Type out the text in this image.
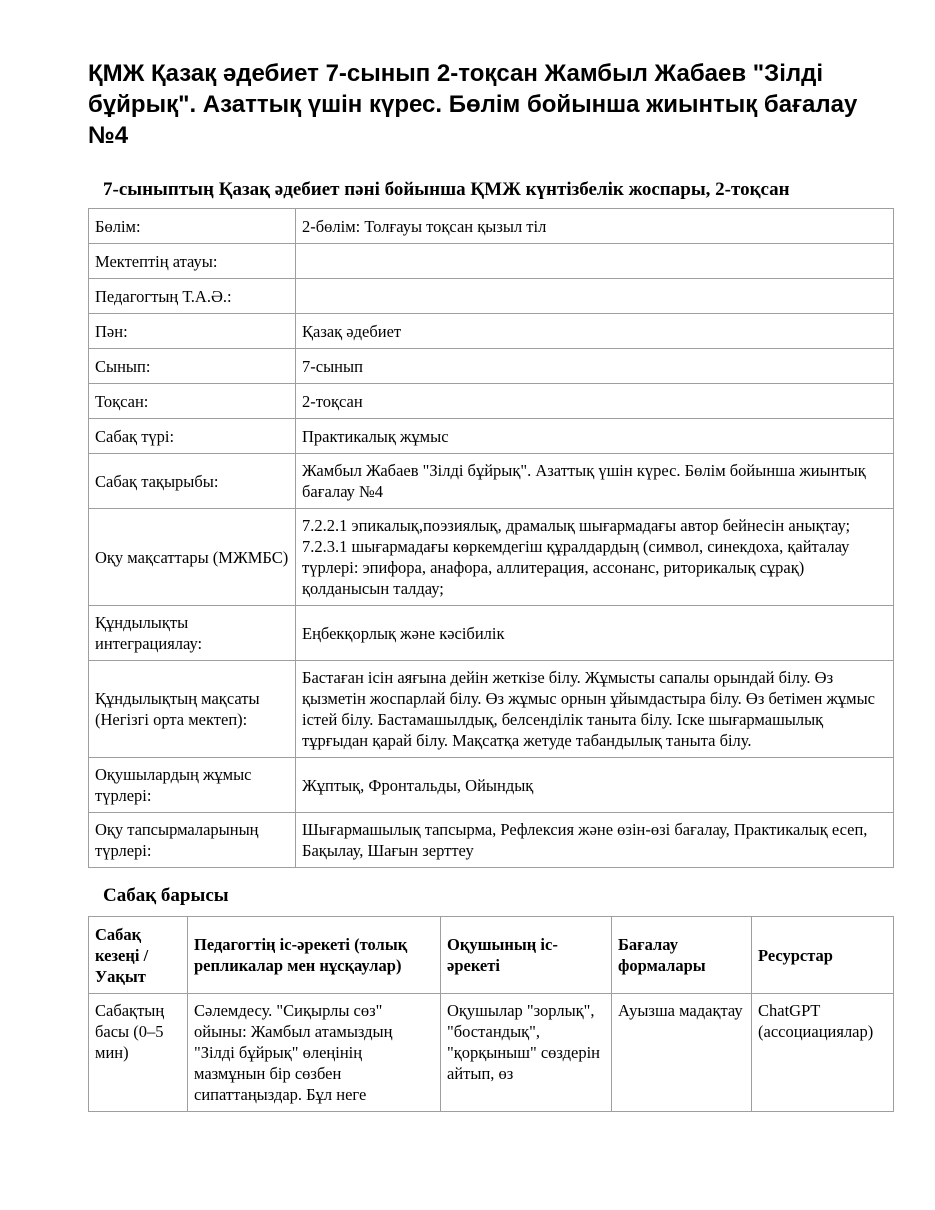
ҚМЖ Қазақ әдебиет 7-сынып 2-тоқсан Жамбыл Жабаев "Зілді бұйрық". Азаттық үшін күрес. Бөлім бойынша жиынтық бағалау №4
7-сыныптың Қазақ әдебиет пәні бойынша ҚМЖ күнтізбелік жоспары, 2-тоқсан
Бөлім:	2-бөлім: Толғауы тоқсан қызыл тіл
Мектептің атауы:	
Педагогтың Т.А.Ә.:	
Пән:	Қазақ әдебиет
Сынып:	7-сынып
Тоқсан:	2-тоқсан
Сабақ түрі:	Практикалық жұмыс
Сабақ тақырыбы:	Жамбыл Жабаев "Зілді бұйрық". Азаттық үшін күрес. Бөлім бойынша жиынтық бағалау №4
Оқу мақсаттары (МЖМБС)	7.2.2.1 эпикалық,поэзиялық, драмалық шығармадағы автор бейнесін анықтау; 7.2.3.1 шығармадағы көркемдегіш құралдардың (символ, синекдоха, қайталау түрлері: эпифора, анафора, аллитерация, ассонанс, риторикалық сұрақ) қолданысын талдау;
Құндылықты интеграциялау:	Еңбекқорлық және кәсібилік
Құндылықтың мақсаты (Негізгі орта мектеп):	Бастаған ісін аяғына дейін жеткізе білу. Жұмысты сапалы орындай білу. Өз қызметін жоспарлай білу. Өз жұмыс орнын ұйымдастыра білу. Өз бетімен жұмыс істей білу. Бастамашылдық, белсенділік таныта білу. Іске шығармашылық тұрғыдан қарай білу. Мақсатқа жетуде табандылық таныта білу.
Оқушылардың жұмыс түрлері:	Жұптық, Фронтальды, Ойындық
Оқу тапсырмаларының түрлері:	Шығармашылық тапсырма, Рефлексия және өзін-өзі бағалау, Практикалық есеп, Бақылау, Шағын зерттеу
Сабақ барысы
Сабақ кезеңі / Уақыт	Педагогтің іс-әрекеті (толық репликалар мен нұсқаулар)	Оқушының іс-әрекеті	Бағалау формалары	Ресурстар

Сабақтың басы (0–5 мин)	Сәлемдесу. "Сиқырлы сөз" ойыны: Жамбыл атамыздың "Зілді бұйрық" өлеңінің мазмұнын бір сөзбен сипаттаңыздар. Бұл неге	Оқушылар "зорлық", "бостандық", "қорқыныш" сөздерін айтып, өз	Ауызша мадақтау	ChatGPT (ассоциациялар)
